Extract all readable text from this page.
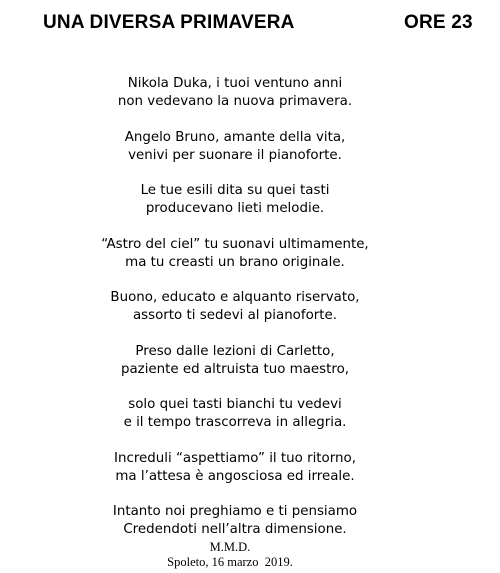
UNA DIVERSA PRIMAVERA	ORE 23

Nikola Duka, i tuoi ventuno anni
non vedevano la nuova primavera.

Angelo Bruno, amante della vita,
venivi per suonare il pianoforte.

Le tue esili dita su quei tasti
producevano lieti melodie.

“Astro del ciel” tu suonavi ultimamente,
ma tu creasti un brano originale.

Buono, educato e alquanto riservato,
assorto ti sedevi al pianoforte.

Preso dalle lezioni di Carletto,
paziente ed altruista tuo maestro,

solo quei tasti bianchi tu vedevi
e il tempo trascorreva in allegria.

Increduli “aspettiamo” il tuo ritorno,
ma l’attesa è angosciosa ed irreale.

Intanto noi preghiamo e ti pensiamo
Credendoti nell’altra dimensione.

M.M.D.
Spoleto, 16 marzo  2019.
